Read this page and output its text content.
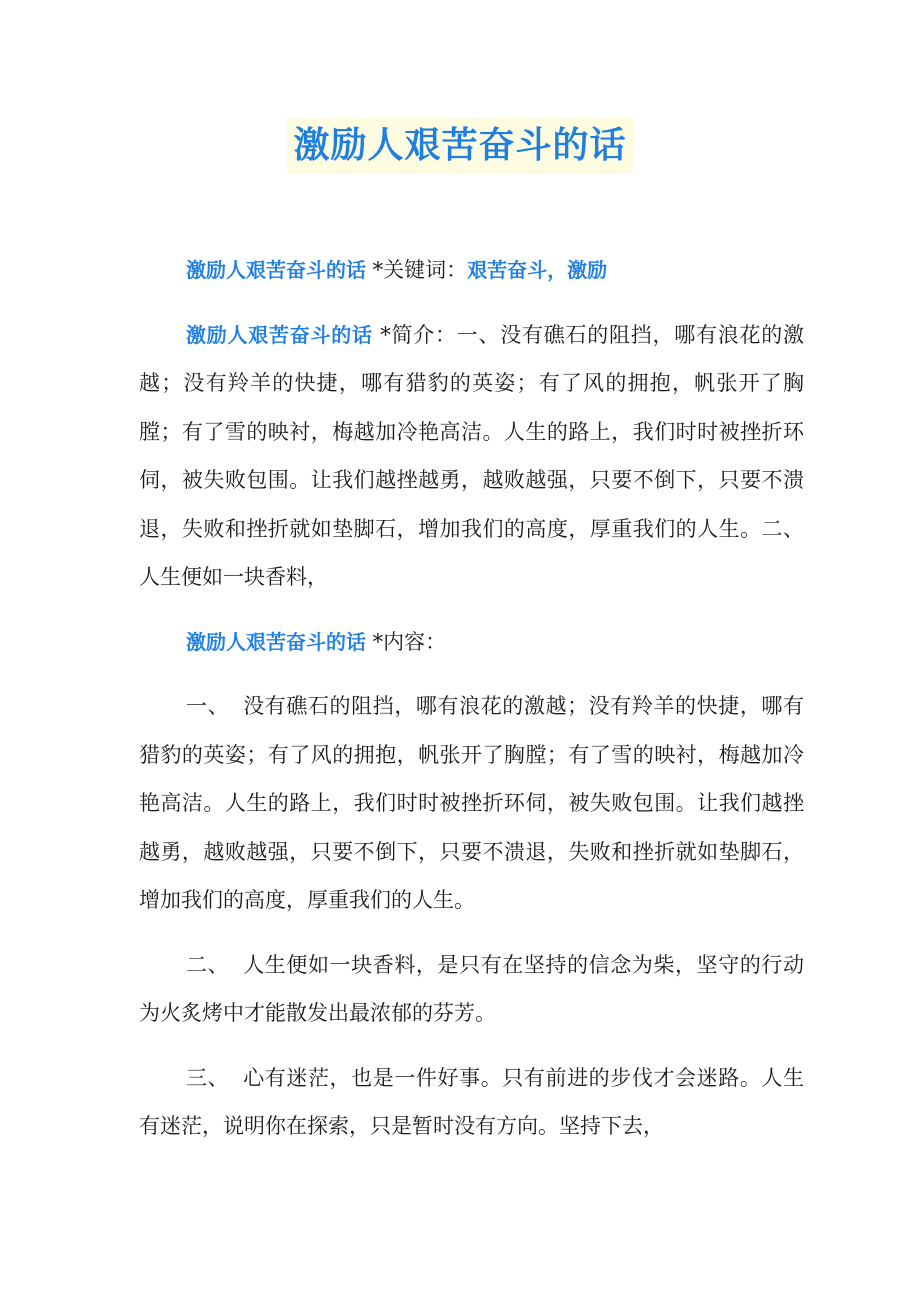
激励人艰苦奋斗的话

激励人艰苦奋斗的话 *关键词：艰苦奋斗，激励

激励人艰苦奋斗的话 *简介：一、没有礁石的阻挡，哪有浪花的激越；没有羚羊的快捷，哪有猎豹的英姿；有了风的拥抱，帆张开了胸膛；有了雪的映衬，梅越加冷艳高洁。人生的路上，我们时时被挫折环伺，被失败包围。让我们越挫越勇，越败越强，只要不倒下，只要不溃退，失败和挫折就如垫脚石，增加我们的高度，厚重我们的人生。二、人生便如一块香料，

激励人艰苦奋斗的话 *内容：

一、 没有礁石的阻挡，哪有浪花的激越；没有羚羊的快捷，哪有猎豹的英姿；有了风的拥抱，帆张开了胸膛；有了雪的映衬，梅越加冷艳高洁。人生的路上，我们时时被挫折环伺，被失败包围。让我们越挫越勇，越败越强，只要不倒下，只要不溃退，失败和挫折就如垫脚石，增加我们的高度，厚重我们的人生。

二、 人生便如一块香料，是只有在坚持的信念为柴，坚守的行动为火炙烤中才能散发出最浓郁的芬芳。

三、 心有迷茫，也是一件好事。只有前进的步伐才会迷路。人生有迷茫，说明你在探索，只是暂时没有方向。坚持下去，
